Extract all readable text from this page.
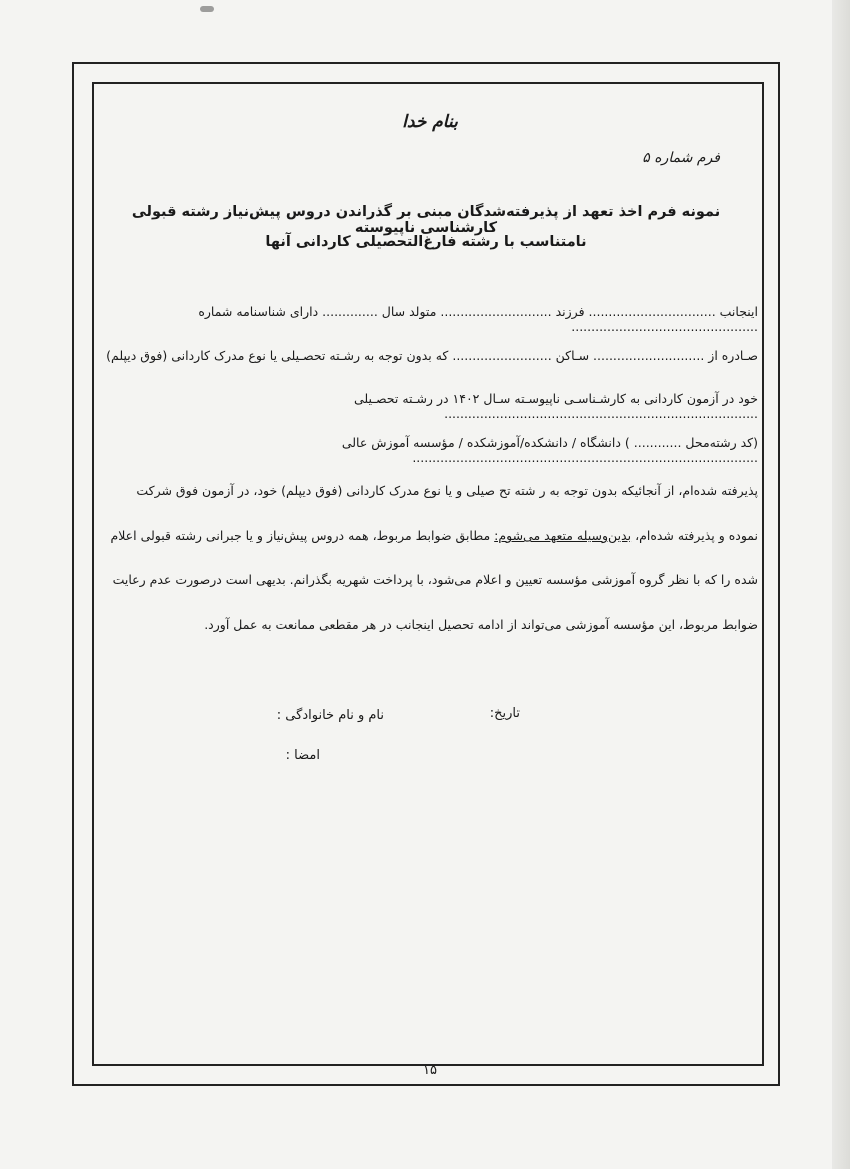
بنام خدا
فرم شماره ۵
نمونه فرم اخذ تعهد از پذیرفته‌شدگان مبنی بر گذراندن دروس پیش‌نیاز رشته قبولی کارشناسی ناپیوسته
نامتناسب با رشته فارغ‌التحصیلی کاردانی آنها
اینجانب ................................ فرزند ............................ متولد سال .............. دارای شناسنامه شماره ...............................................
صـادره از ............................ سـاکن ......................... که بدون توجه به رشـته تحصـیلی یا نوع مدرک کاردانی (فوق دیپلم)
خود در آزمون کاردانی به کارشـناسـی ناپیوسـته سـال ۱۴۰۲ در رشـته تحصـیلی ...............................................................................
(کد رشته‌محل ............ ) دانشگاه / دانشکده/آموزشکده / مؤسسه آموزش عالی .......................................................................................
پذیرفته شده‌ام، از آنجائیکه بدون توجه به ر شته تح صیلی و یا نوع مدرک کاردانی (فوق دیپلم) خود، در آزمون فوق شرکت
نموده و پذیرفته شده‌ام، بدین‌وسیله متعهد می‌شوم: مطابق ضوابط مربوط، همه دروس پیش‌نیاز و یا جبرانی رشته قبولی اعلام
شده را که با نظر گروه آموزشی مؤسسه تعیین و اعلام می‌شود، با پرداخت شهریه بگذرانم. بدیهی است درصورت عدم رعایت
ضوابط مربوط، این مؤسسه آموزشی می‌تواند از ادامه تحصیل اینجانب در هر مقطعی ممانعت به عمل آورد.
تاریخ:
نام و نام خانوادگی :
امضا :
۱۵
